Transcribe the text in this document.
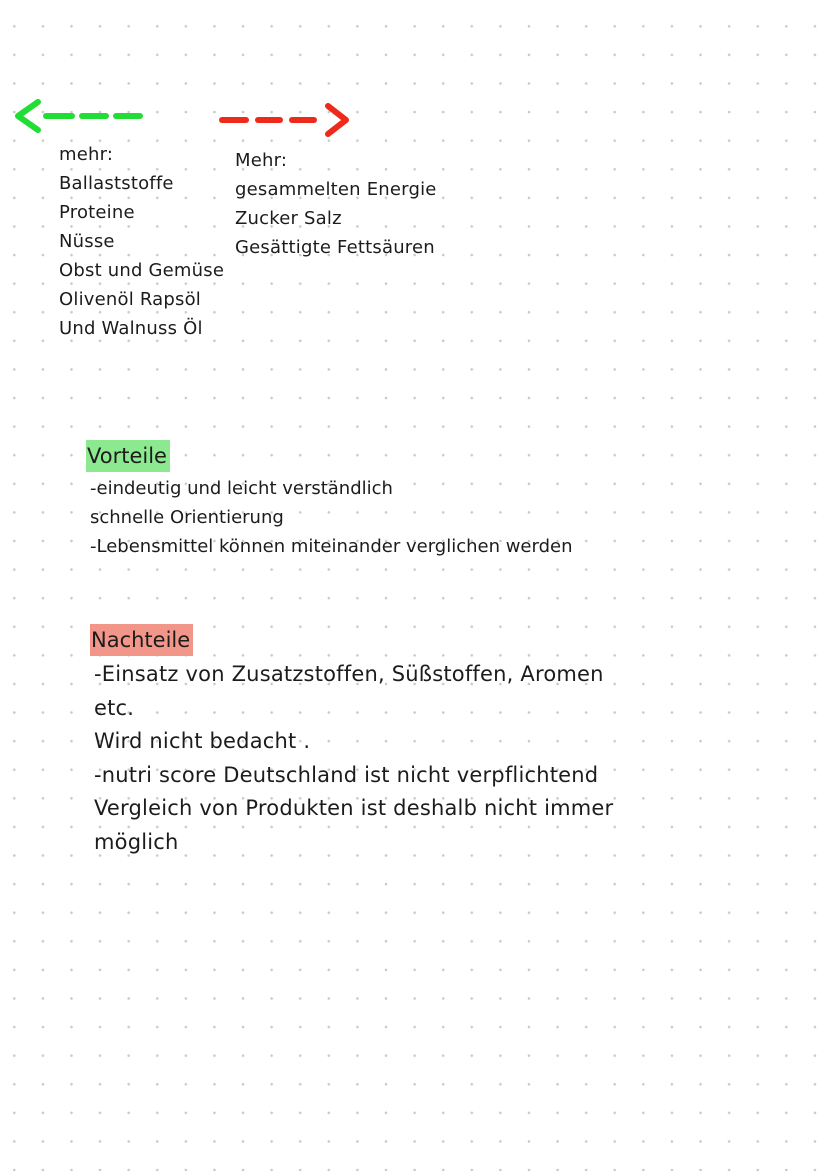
mehr:
Ballaststoffe
Proteine
Nüsse
Obst und Gemüse
Olivenöl Rapsöl
Und Walnuss Öl
Mehr:
gesammelten Energie
Zucker Salz
Gesättigte Fettsäuren
Vorteile
-eindeutig und leicht verständlich
schnelle Orientierung
-Lebensmittel können miteinander verglichen werden
Nachteile
-Einsatz von Zusatzstoffen, Süßstoffen, Aromen
etc.
Wird nicht bedacht .
-nutri score Deutschland ist nicht verpflichtend
Vergleich von Produkten ist deshalb nicht immer
möglich
